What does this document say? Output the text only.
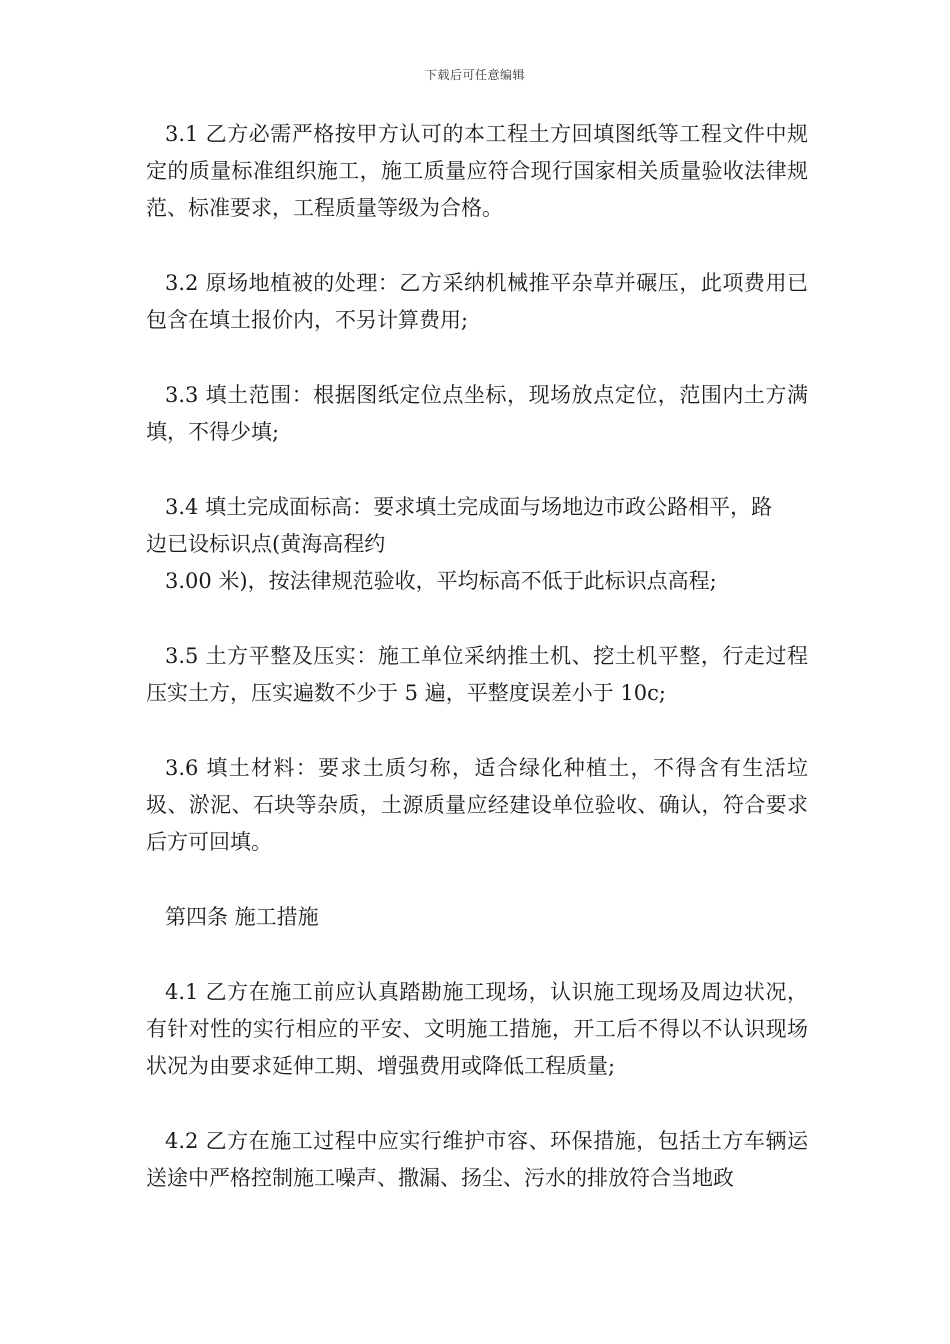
下载后可任意编辑

3.1 乙方必需严格按甲方认可的本工程土方回填图纸等工程文件中规定的质量标准组织施工，施工质量应符合现行国家相关质量验收法律规范、标准要求，工程质量等级为合格。

3.2 原场地植被的处理：乙方采纳机械推平杂草并碾压，此项费用已包含在填土报价内，不另计算费用;

3.3 填土范围：根据图纸定位点坐标，现场放点定位，范围内土方满填，不得少填;

3.4 填土完成面标高：要求填土完成面与场地边市政公路相平，路
边已设标识点(黄海高程约
3.00 米)，按法律规范验收，平均标高不低于此标识点高程;

3.5 土方平整及压实：施工单位采纳推土机、挖土机平整，行走过程压实土方，压实遍数不少于 5 遍，平整度误差小于 10c;

3.6 填土材料：要求土质匀称，适合绿化种植土，不得含有生活垃圾、淤泥、石块等杂质，土源质量应经建设单位验收、确认，符合要求后方可回填。

第四条 施工措施

4.1 乙方在施工前应认真踏勘施工现场，认识施工现场及周边状况，有针对性的实行相应的平安、文明施工措施，开工后不得以不认识现场状况为由要求延伸工期、增强费用或降低工程质量;

4.2 乙方在施工过程中应实行维护市容、环保措施，包括土方车辆运送途中严格控制施工噪声、撒漏、扬尘、污水的排放符合当地政
